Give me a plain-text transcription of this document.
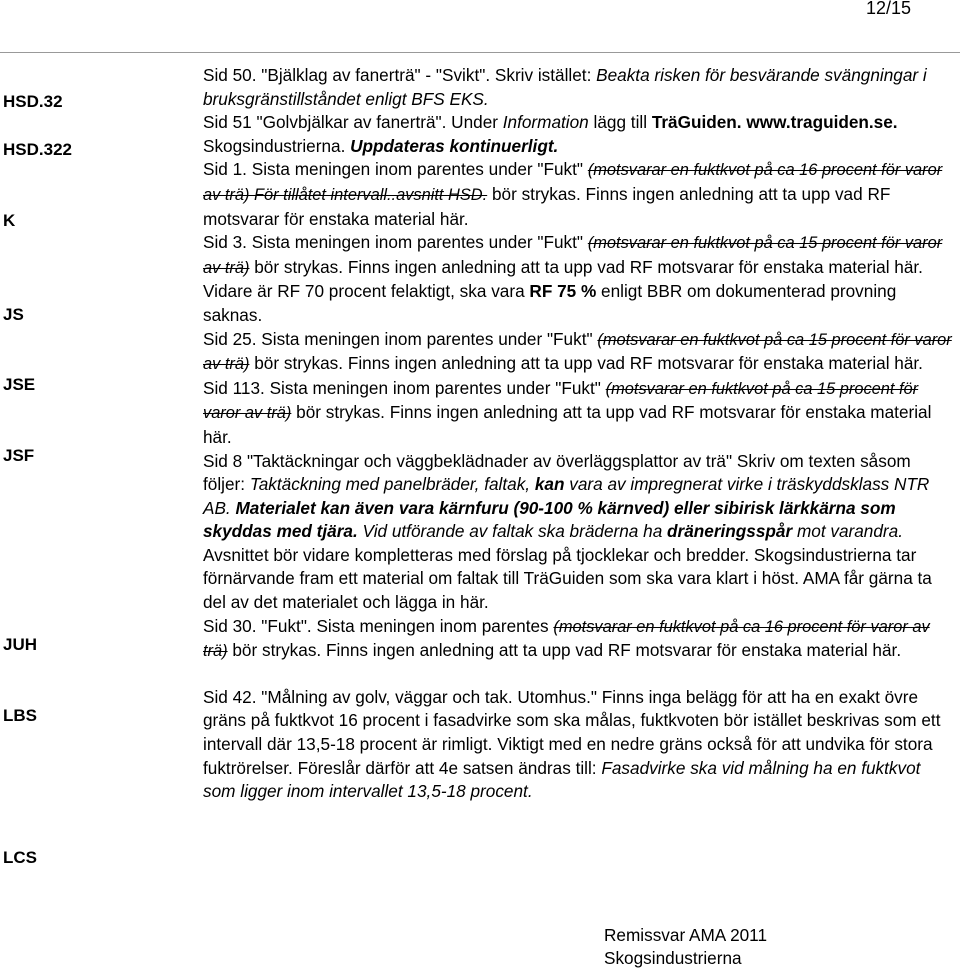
12/15
HSD.32
HSD.322
K
JS
JSE
JSF
JUH
LBS
LCS

Sid 50. "Bjälklag av fanerträ" - "Svikt". Skriv istället: Beakta risken för besvärande svängningar i bruksgränstillståndet enligt BFS EKS.

Sid 51 "Golvbjälkar av fanerträ". Under Information lägg till TräGuiden. www.traguiden.se. Skogsindustrierna. Uppdateras kontinuerligt.

Sid 1. Sista meningen inom parentes under "Fukt" (motsvarar en fuktkvot på ca 16 procent för varor av trä) För tillåtet intervall..avsnitt HSD. bör strykas. Finns ingen anledning att ta upp vad RF motsvarar för enstaka material här.

Sid 3. Sista meningen inom parentes under "Fukt" (motsvarar en fuktkvot på ca 15 procent för varor av trä) bör strykas. Finns ingen anledning att ta upp vad RF motsvarar för enstaka material här. Vidare är RF 70 procent felaktigt, ska vara RF 75 % enligt BBR om dokumenterad provning saknas.

Sid 25. Sista meningen inom parentes under "Fukt" (motsvarar en fuktkvot på ca 15 procent för varor av trä) bör strykas. Finns ingen anledning att ta upp vad RF motsvarar för enstaka material här.

Sid 113. Sista meningen inom parentes under "Fukt" (motsvarar en fuktkvot på ca 15 procent för varor av trä) bör strykas. Finns ingen anledning att ta upp vad RF motsvarar för enstaka material här.

Sid 8 "Taktäckningar och väggbeklädnader av överläggsplattor av trä" Skriv om texten såsom följer: Taktäckning med panelbräder, faltak, kan vara av impregnerat virke i träskyddsklass NTR AB. Materialet kan även vara kärnfuru (90-100 % kärnved) eller sibirisk lärkkärna som skyddas med tjära. Vid utförande av faltak ska bräderna ha dräneringsspår mot varandra. Avsnittet bör vidare kompletteras med förslag på tjocklekar och bredder. Skogsindustrierna tar förnärvande fram ett material om faltak till TräGuiden som ska vara klart i höst. AMA får gärna ta del av det materialet och lägga in här.

Sid 30. "Fukt". Sista meningen inom parentes (motsvarar en fuktkvot på ca 16 procent för varor av trä) bör strykas. Finns ingen anledning att ta upp vad RF motsvarar för enstaka material här.

Sid 42. "Målning av golv, väggar och tak. Utomhus." Finns inga belägg för att ha en exakt övre gräns på fuktkvot 16 procent i fasadvirke som ska målas, fuktkvoten bör istället beskrivas som ett intervall där 13,5-18 procent är rimligt. Viktigt med en nedre gräns också för att undvika för stora fuktrörelser. Föreslår därför att 4e satsen ändras till: Fasadvirke ska vid målning ha en fuktkvot som ligger inom intervallet 13,5-18 procent.

Remissvar AMA 2011
Skogsindustrierna
